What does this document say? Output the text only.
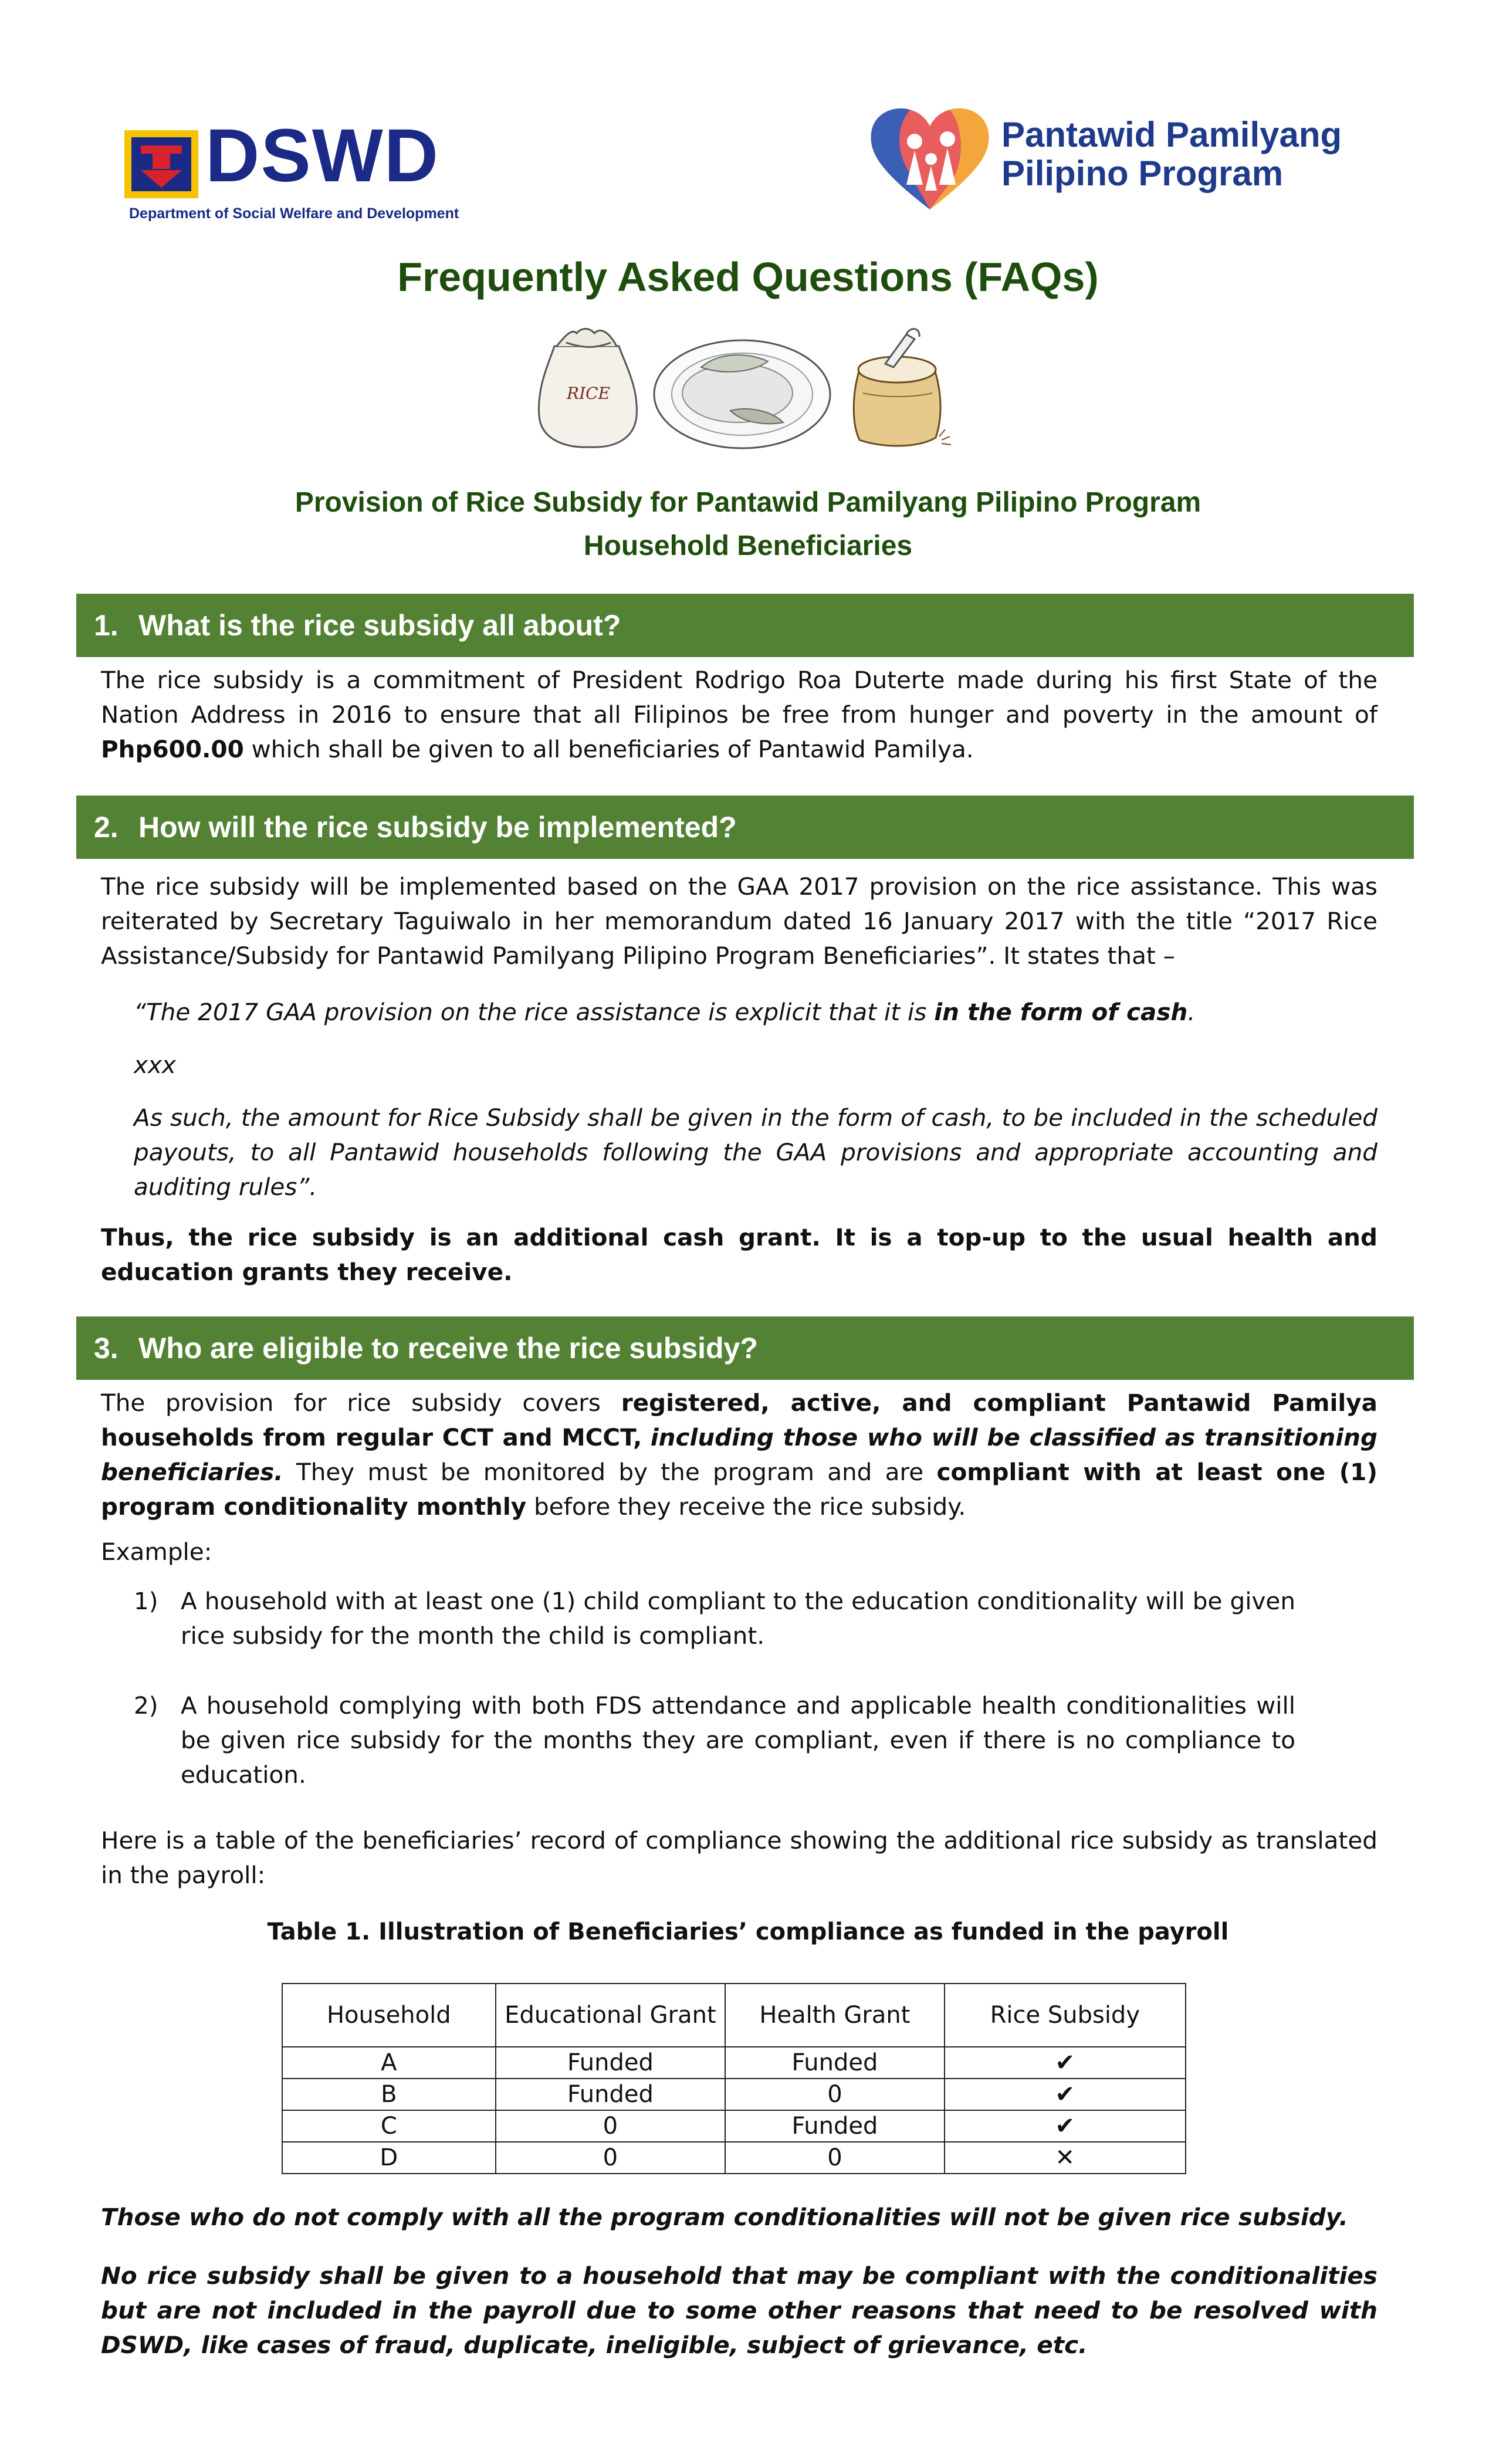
DSWD
Department of Social Welfare and Development
Pantawid Pamilyang
Pilipino Program
Frequently Asked Questions (FAQs)
RICE
Provision of Rice Subsidy for Pantawid Pamilyang Pilipino Program
Household Beneficiaries
1. What is the rice subsidy all about?
The rice subsidy is a commitment of President Rodrigo Roa Duterte made during his first State of the Nation Address in 2016 to ensure that all Filipinos be free from hunger and poverty in the amount of Php600.00 which shall be given to all beneficiaries of Pantawid Pamilya.
2. How will the rice subsidy be implemented?
The rice subsidy will be implemented based on the GAA 2017 provision on the rice assistance. This was reiterated by Secretary Taguiwalo in her memorandum dated 16 January 2017 with the title “2017 Rice Assistance/Subsidy for Pantawid Pamilyang Pilipino Program Beneficiaries”. It states that –
“The 2017 GAA provision on the rice assistance is explicit that it is in the form of cash.
xxx
As such, the amount for Rice Subsidy shall be given in the form of cash, to be included in the scheduled payouts, to all Pantawid households following the GAA provisions and appropriate accounting and auditing rules”.
Thus, the rice subsidy is an additional cash grant. It is a top-up to the usual health and education grants they receive.
3. Who are eligible to receive the rice subsidy?
The provision for rice subsidy covers registered, active, and compliant Pantawid Pamilya households from regular CCT and MCCT, including those who will be classified as transitioning beneficiaries. They must be monitored by the program and are compliant with at least one (1) program conditionality monthly before they receive the rice subsidy.
Example:
1) A household with at least one (1) child compliant to the education conditionality will be given rice subsidy for the month the child is compliant.
2) A household complying with both FDS attendance and applicable health conditionalities will be given rice subsidy for the months they are compliant, even if there is no compliance to education.
Here is a table of the beneficiaries’ record of compliance showing the additional rice subsidy as translated in the payroll:
Table 1. Illustration of Beneficiaries’ compliance as funded in the payroll
Household	Educational Grant	Health Grant	Rice Subsidy
A	Funded	Funded	✔
B	Funded	0	✔
C	0	Funded	✔
D	0	0	✕
Those who do not comply with all the program conditionalities will not be given rice subsidy.
No rice subsidy shall be given to a household that may be compliant with the conditionalities but are not included in the payroll due to some other reasons that need to be resolved with DSWD, like cases of fraud, duplicate, ineligible, subject of grievance, etc.
